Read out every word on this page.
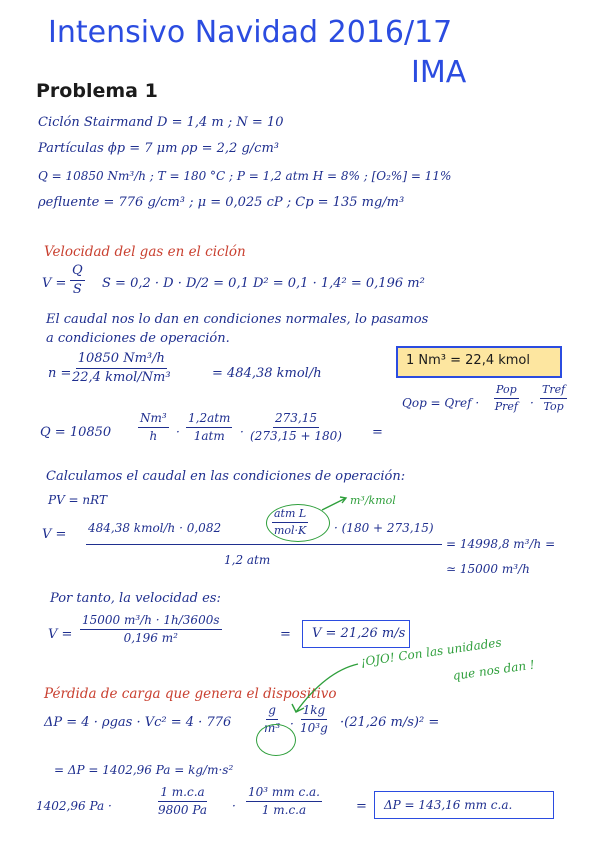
Intensivo Navidad 2016/17
IMA
Problema 1
Ciclón Stairmand D = 1,4 m ; N = 10
Partículas ϕp = 7 μm ρp = 2,2 g/cm³
Q = 10850 Nm³/h ; T = 180 °C ; P = 1,2 atm H = 8% ; [O₂%] = 11%
ρefluente = 776 g/cm³ ; μ = 0,025 cP ; Cp = 135 mg/m³
Velocidad del gas en el ciclón
$V = \frac{Q}{S}$ S = 0,2 · D · D/2 = 0,1 D² = 0,1 · 1,4² = 0,196 m²
El caudal nos lo dan en condiciones normales, lo pasamos
a condiciones de operación.
n =
10850 Nm³/h
22,4 kmol/Nm³	= 484,38 kmol/h
1 Nm³ = 22,4 kmol
Qop = Qref ·
Pop
Pref ·
Tref
Top
$Q = 10850 \frac{\text{Nm³}}{h}$ ·
1,2atm
$1atm \cdot \frac{273,15}{(273,15 + 180)}$ =
Calculamos el caudal en las condiciones de operación:
PV = nRT
V = 484,38 kmol/h · 0,082
atm L
mol·K · (180 + 273,15)
1,2 atm
= 14998,8 m³/h =
≃ 15000 m³/h
m³/kmol
Por tanto, la velocidad es:
$V = \frac{\text{15000 m³/h · 1h/3600s}}{\text{0,196 m²}}$	= V = 21,26 m/s
¡OJO! Con las unidades
que nos dan !
Pérdida de carga que genera el dispositivo
ΔP = 4 · ρgas · Vc² = 4 · 776	$\frac{g}{\text{m³}} \cdot \frac{1kg}{\text{10³g}} \cdot(21,26$ m/s)² =
= ΔP = 1402,96 Pa = kg/m·s²
1402,96 Pa ·	$\frac{1 m.c.a}{9800 Pa} \cdot \frac{\text{10³ mm c.a.}}{1 m.c.a}$	= ΔP = 143,16 mm c.a.
